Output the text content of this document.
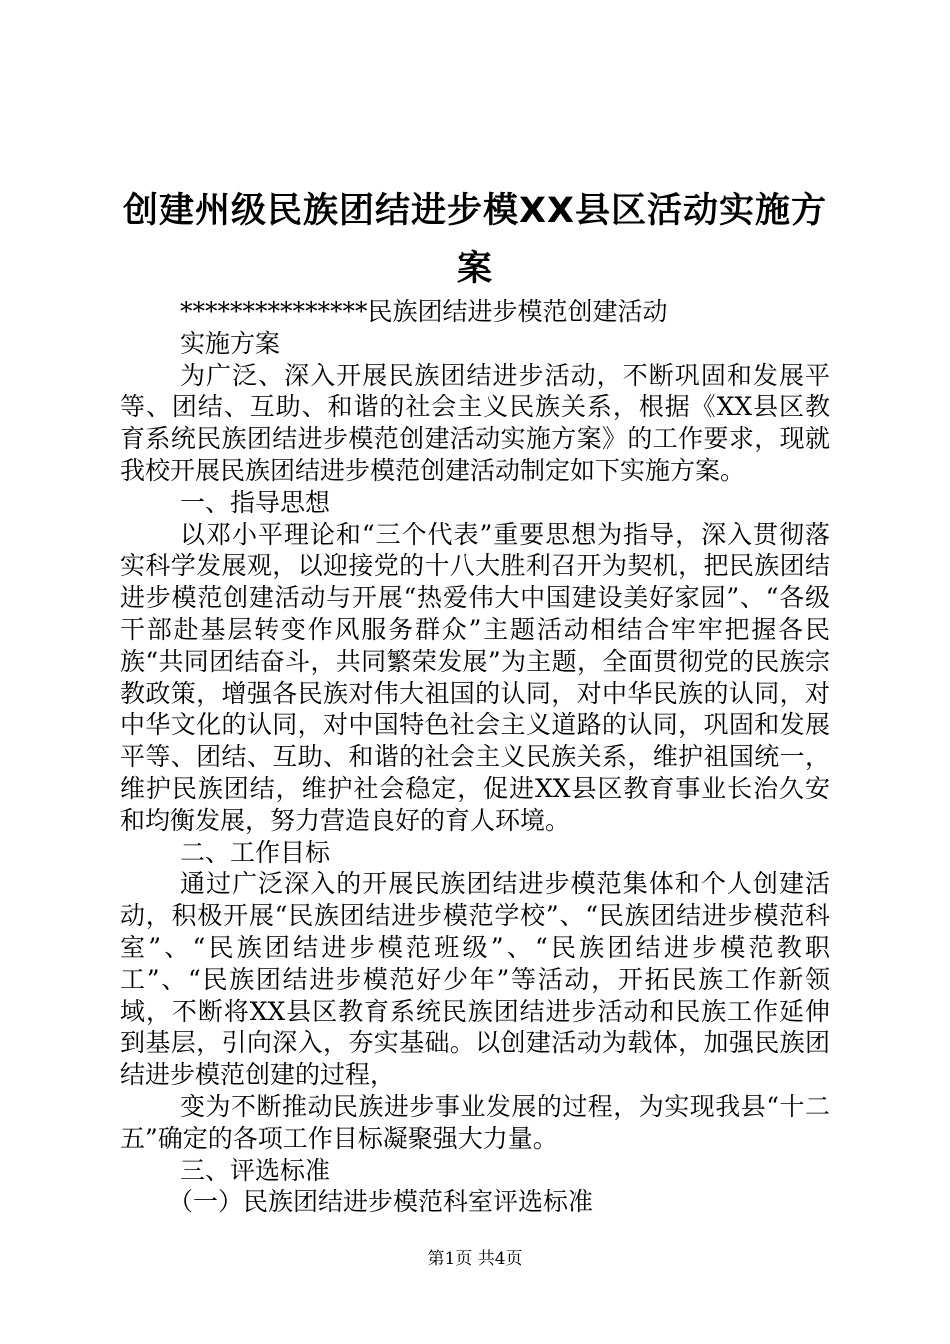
创建州级民族团结进步模XX县区活动实施方案

***************民族团结进步模范创建活动

实施方案

为广泛、深入开展民族团结进步活动，不断巩固和发展平等、团结、互助、和谐的社会主义民族关系，根据《XX县区教育系统民族团结进步模范创建活动实施方案》的工作要求，现就我校开展民族团结进步模范创建活动制定如下实施方案。

一、指导思想

以邓小平理论和“三个代表”重要思想为指导，深入贯彻落实科学发展观，以迎接党的十八大胜利召开为契机，把民族团结进步模范创建活动与开展“热爱伟大中国建设美好家园”、“各级干部赴基层转变作风服务群众”主题活动相结合牢牢把握各民族“共同团结奋斗，共同繁荣发展”为主题，全面贯彻党的民族宗教政策，增强各民族对伟大祖国的认同，对中华民族的认同，对中华文化的认同，对中国特色社会主义道路的认同，巩固和发展平等、团结、互助、和谐的社会主义民族关系，维护祖国统一，维护民族团结，维护社会稳定，促进XX县区教育事业长治久安和均衡发展，努力营造良好的育人环境。

二、工作目标

通过广泛深入的开展民族团结进步模范集体和个人创建活动，积极开展“民族团结进步模范学校”、“民族团结进步模范科室”、“民族团结进步模范班级”、“民族团结进步模范教职工”、“民族团结进步模范好少年”等活动，开拓民族工作新领域，不断将XX县区教育系统民族团结进步活动和民族工作延伸到基层，引向深入，夯实基础。以创建活动为载体，加强民族团结进步模范创建的过程，

变为不断推动民族进步事业发展的过程，为实现我县“十二五”确定的各项工作目标凝聚强大力量。

三、评选标准

（一）民族团结进步模范科室评选标准

第1页 共4页
